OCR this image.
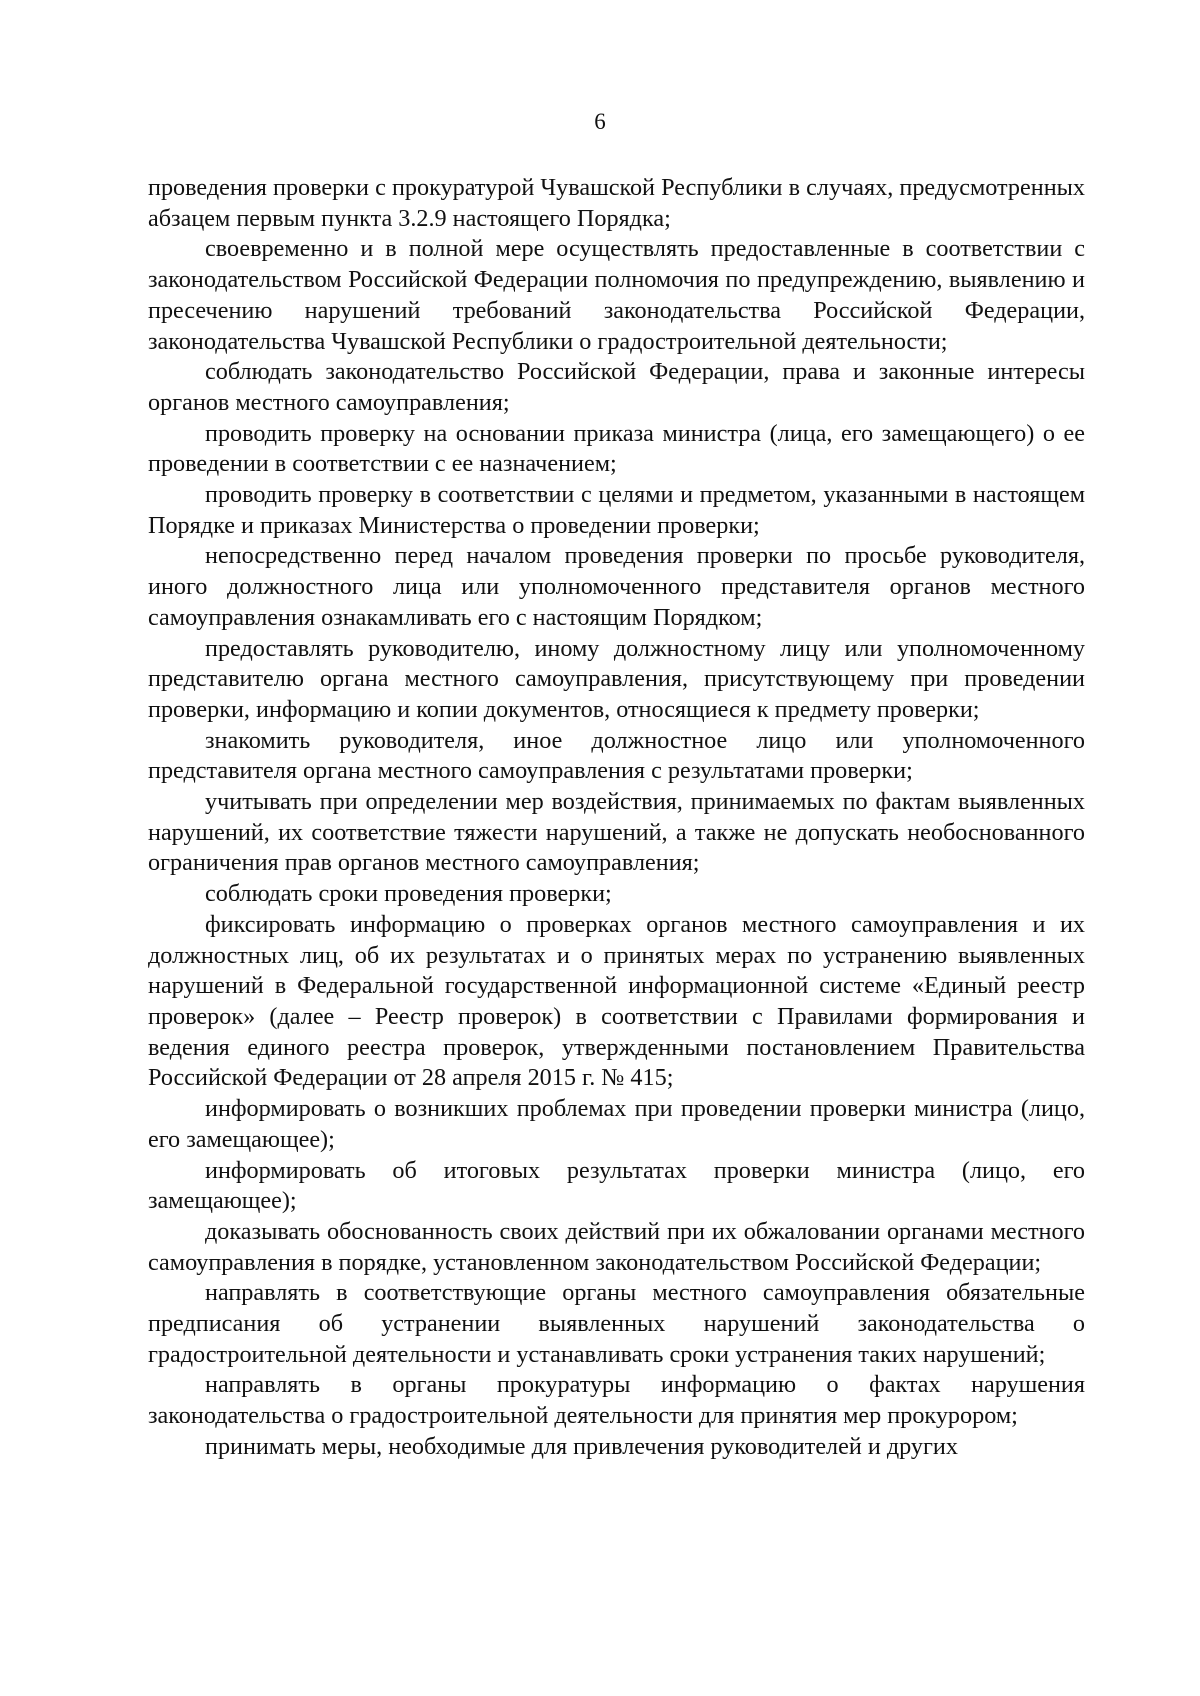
6

проведения проверки с прокуратурой Чувашской Республики в случаях, предусмотренных абзацем первым пункта 3.2.9 настоящего Порядка;

своевременно и в полной мере осуществлять предоставленные в соответствии с законодательством Российской Федерации полномочия по предупреждению, выявлению и пресечению нарушений требований законодательства Российской Федерации, законодательства Чувашской Республики о градостроительной деятельности;

соблюдать законодательство Российской Федерации, права и законные интересы органов местного самоуправления;

проводить проверку на основании приказа министра (лица, его замещающего) о ее проведении в соответствии с ее назначением;

проводить проверку в соответствии с целями и предметом, указанными в настоящем Порядке и приказах Министерства о проведении проверки;

непосредственно перед началом проведения проверки по просьбе руководителя, иного должностного лица или уполномоченного представителя органов местного самоуправления ознакамливать его с настоящим Порядком;

предоставлять руководителю, иному должностному лицу или уполномоченному представителю органа местного самоуправления, присутствующему при проведении проверки, информацию и копии документов, относящиеся к предмету проверки;

знакомить руководителя, иное должностное лицо или уполномоченного представителя органа местного самоуправления с результатами проверки;

учитывать при определении мер воздействия, принимаемых по фактам выявленных нарушений, их соответствие тяжести нарушений, а также не допускать необоснованного ограничения прав органов местного самоуправления;

соблюдать сроки проведения проверки;

фиксировать информацию о проверках органов местного самоуправления и их должностных лиц, об их результатах и о принятых мерах по устранению выявленных нарушений в Федеральной государственной информационной системе «Единый реестр проверок» (далее – Реестр проверок) в соответствии с Правилами формирования и ведения единого реестра проверок, утвержденными постановлением Правительства Российской Федерации от 28 апреля 2015 г. № 415;

информировать о возникших проблемах при проведении проверки министра (лицо, его замещающее);

информировать об итоговых результатах проверки министра (лицо, его замещающее);

доказывать обоснованность своих действий при их обжаловании органами местного самоуправления в порядке, установленном законодательством Российской Федерации;

направлять в соответствующие органы местного самоуправления обязательные предписания об устранении выявленных нарушений законодательства о градостроительной деятельности и устанавливать сроки устранения таких нарушений;

направлять в органы прокуратуры информацию о фактах нарушения законодательства о градостроительной деятельности для принятия мер прокурором;

принимать меры, необходимые для привлечения руководителей и других
